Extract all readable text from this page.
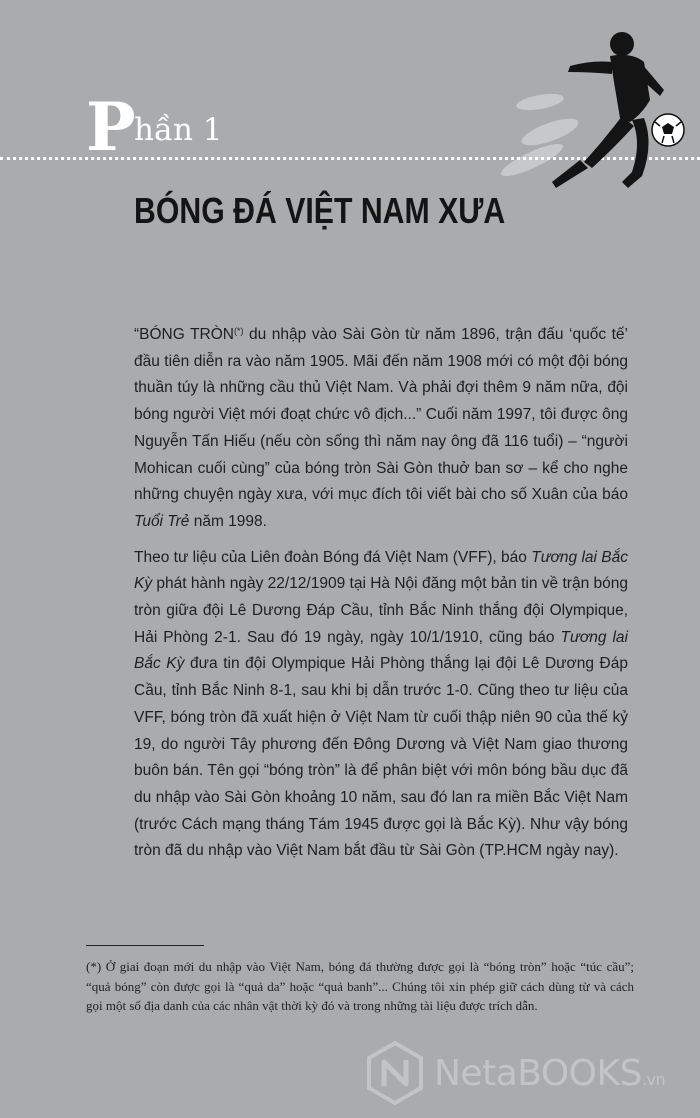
P
hần 1
BÓNG ĐÁ VIỆT NAM XƯA

“BÓNG TRÒN(*) du nhập vào Sài Gòn từ năm 1896, trận đấu ‘quốc tế’ đầu tiên diễn ra vào năm 1905. Mãi đến năm 1908 mới có một đội bóng thuần túy là những cầu thủ Việt Nam. Và phải đợi thêm 9 năm nữa, đội bóng người Việt mới đoạt chức vô địch...” Cuối năm 1997, tôi được ông Nguyễn Tấn Hiếu (nếu còn sống thì năm nay ông đã 116 tuổi) – “người Mohican cuối cùng” của bóng tròn Sài Gòn thuở ban sơ – kể cho nghe những chuyện ngày xưa, với mục đích tôi viết bài cho số Xuân của báo Tuổi Trẻ năm 1998.

Theo tư liệu của Liên đoàn Bóng đá Việt Nam (VFF), báo Tương lai Bắc Kỳ phát hành ngày 22/12/1909 tại Hà Nội đăng một bản tin về trận bóng tròn giữa đội Lê Dương Đáp Cầu, tỉnh Bắc Ninh thắng đội Olympique, Hải Phòng 2-1. Sau đó 19 ngày, ngày 10/1/1910, cũng báo Tương lai Bắc Kỳ đưa tin đội Olympique Hải Phòng thắng lại đội Lê Dương Đáp Cầu, tỉnh Bắc Ninh 8-1, sau khi bị dẫn trước 1-0. Cũng theo tư liệu của VFF, bóng tròn đã xuất hiện ở Việt Nam từ cuối thập niên 90 của thế kỷ 19, do người Tây phương đến Đông Dương và Việt Nam giao thương buôn bán. Tên gọi “bóng tròn” là để phân biệt với môn bóng bầu dục đã du nhập vào Sài Gòn khoảng 10 năm, sau đó lan ra miền Bắc Việt Nam (trước Cách mạng tháng Tám 1945 được gọi là Bắc Kỳ). Như vậy bóng tròn đã du nhập vào Việt Nam bắt đầu từ Sài Gòn (TP.HCM ngày nay).

(*) Ở giai đoạn mới du nhập vào Việt Nam, bóng đá thường được gọi là “bóng tròn” hoặc “túc cầu”; “quả bóng” còn được gọi là “quả da” hoặc “quả banh”... Chúng tôi xin phép giữ cách dùng từ và cách gọi một số địa danh của các nhân vật thời kỳ đó và trong những tài liệu được trích dẫn.

NetaBOOKS.vn
